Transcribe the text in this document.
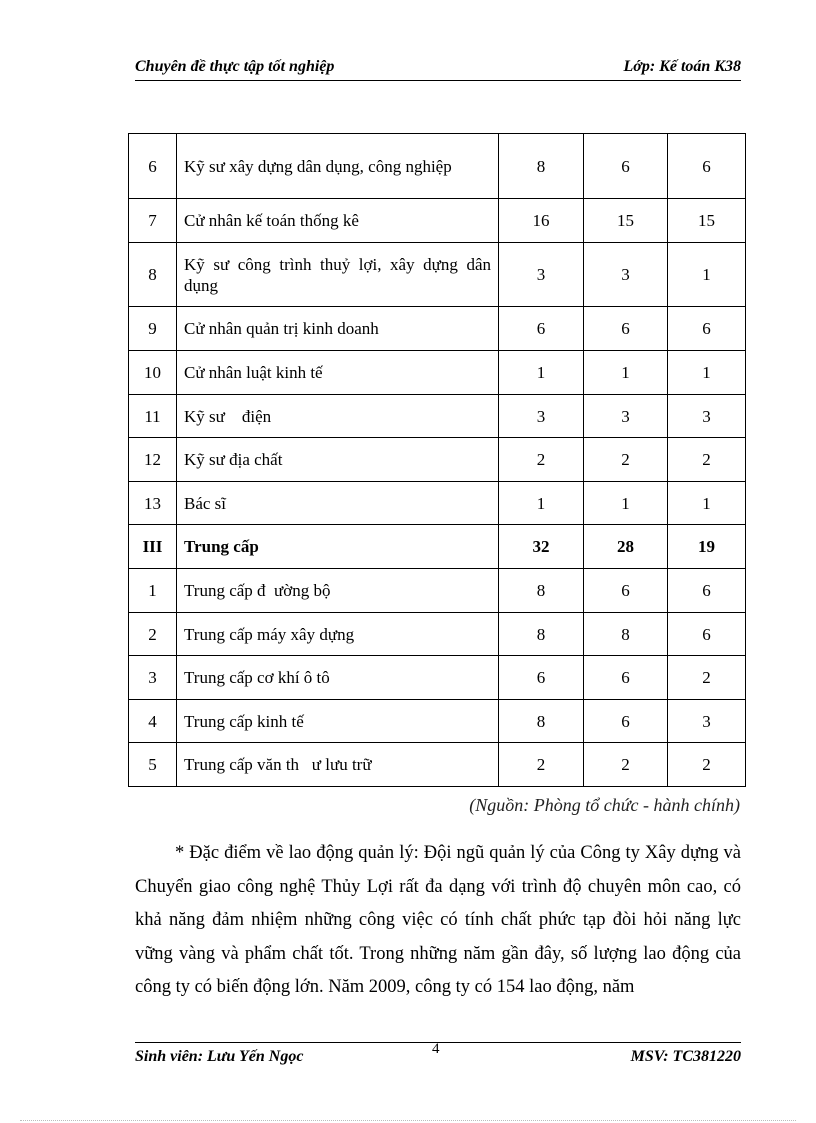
Chuyên đề thực tập tốt nghiệp	Lớp: Kế toán K38
6	Kỹ sư xây dựng dân dụng, công nghiệp	8	6	6
7	Cử nhân kế toán thống kê	16	15	15
8	Kỹ sư công trình thuỷ lợi, xây dựng dân dụng	3	3	1
9	Cử nhân quản trị kinh doanh	6	6	6
10	Cử nhân luật kinh tế	1	1	1
11	Kỹ sư    điện	3	3	3
12	Kỹ sư địa chất	2	2	2
13	Bác sĩ	1	1	1
III	Trung cấp	32	28	19
1	Trung cấp đ  ường bộ	8	6	6
2	Trung cấp máy xây dựng	8	8	6
3	Trung cấp cơ khí ô tô	6	6	2
4	Trung cấp kinh tế	8	6	3
5	Trung cấp văn th   ư lưu trữ	2	2	2
(Nguồn: Phòng tổ chức - hành chính)

* Đặc điểm về lao động quản lý: Đội ngũ quản lý của Công ty Xây dựng và Chuyển giao công nghệ Thủy Lợi rất đa dạng với trình độ chuyên môn cao, có khả năng đảm nhiệm những công việc có tính chất phức tạp đòi hỏi năng lực vững vàng và phẩm chất tốt. Trong những năm gần đây, số lượng lao động của công ty có biến động lớn. Năm 2009, công ty có 154 lao động, năm

Sinh viên: Lưu Yến Ngọc	4	MSV: TC381220
